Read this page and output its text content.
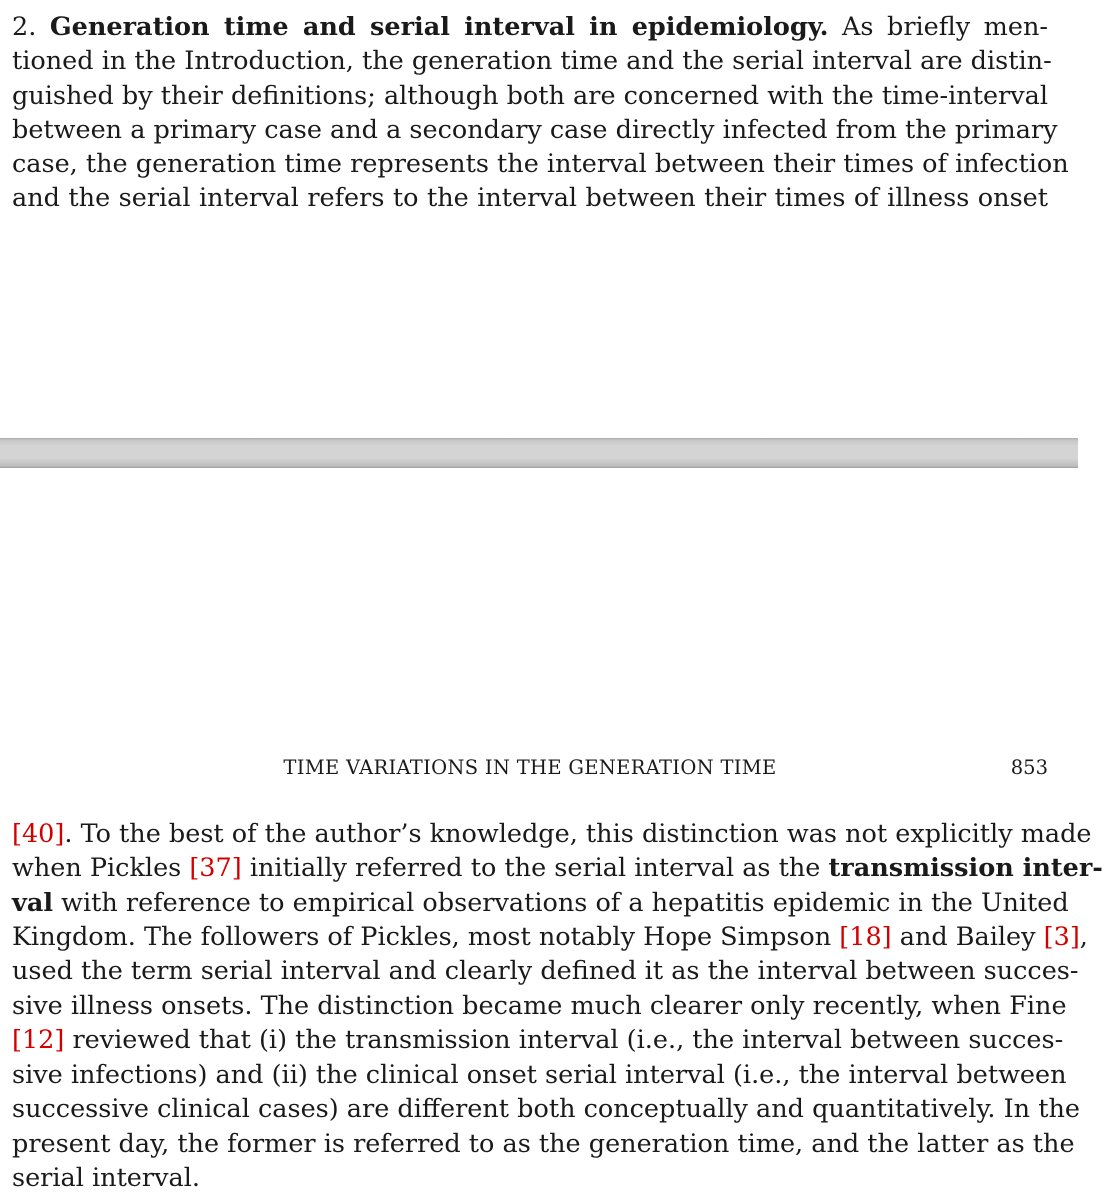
2. Generation time and serial interval in epidemiology. As briefly men-
tioned in the Introduction, the generation time and the serial interval are distin-
guished by their definitions; although both are concerned with the time-interval
between a primary case and a secondary case directly infected from the primary
case, the generation time represents the interval between their times of infection
and the serial interval refers to the interval between their times of illness onset
TIME VARIATIONS IN THE GENERATION TIME	853
[40]. To the best of the author’s knowledge, this distinction was not explicitly made
when Pickles [37] initially referred to the serial interval as the transmission inter-
val with reference to empirical observations of a hepatitis epidemic in the United
Kingdom. The followers of Pickles, most notably Hope Simpson [18] and Bailey [3],
used the term serial interval and clearly defined it as the interval between succes-
sive illness onsets. The distinction became much clearer only recently, when Fine
[12] reviewed that (i) the transmission interval (i.e., the interval between succes-
sive infections) and (ii) the clinical onset serial interval (i.e., the interval between
successive clinical cases) are different both conceptually and quantitatively. In the
present day, the former is referred to as the generation time, and the latter as the
serial interval.
